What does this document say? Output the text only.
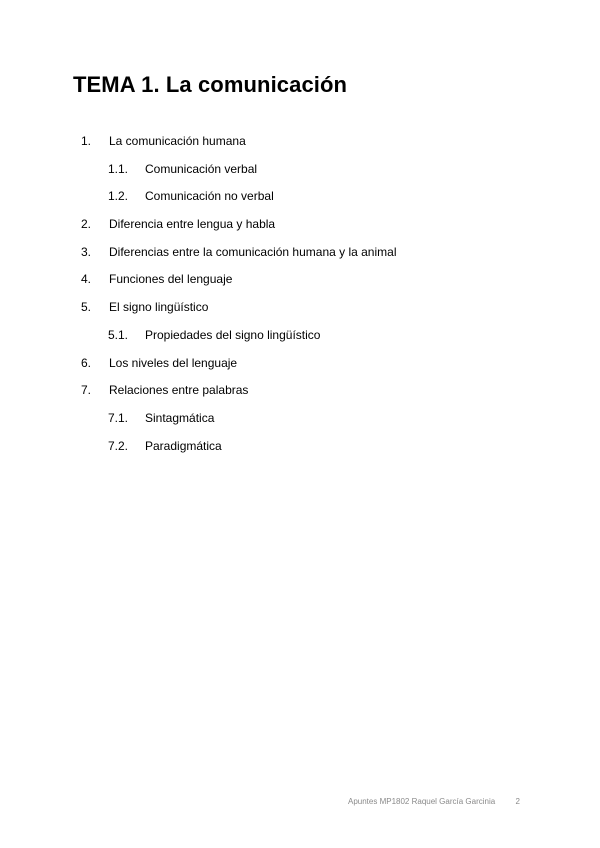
TEMA 1. La comunicación
1. La comunicación humana
1.1. Comunicación verbal
1.2. Comunicación no verbal
2. Diferencia entre lengua y habla
3. Diferencias entre la comunicación humana y la animal
4. Funciones del lenguaje
5. El signo lingüístico
5.1. Propiedades del signo lingüístico
6. Los niveles del lenguaje
7. Relaciones entre palabras
7.1. Sintagmática
7.2. Paradigmática
Apuntes MP1802 Raquel García Garcinia	2
